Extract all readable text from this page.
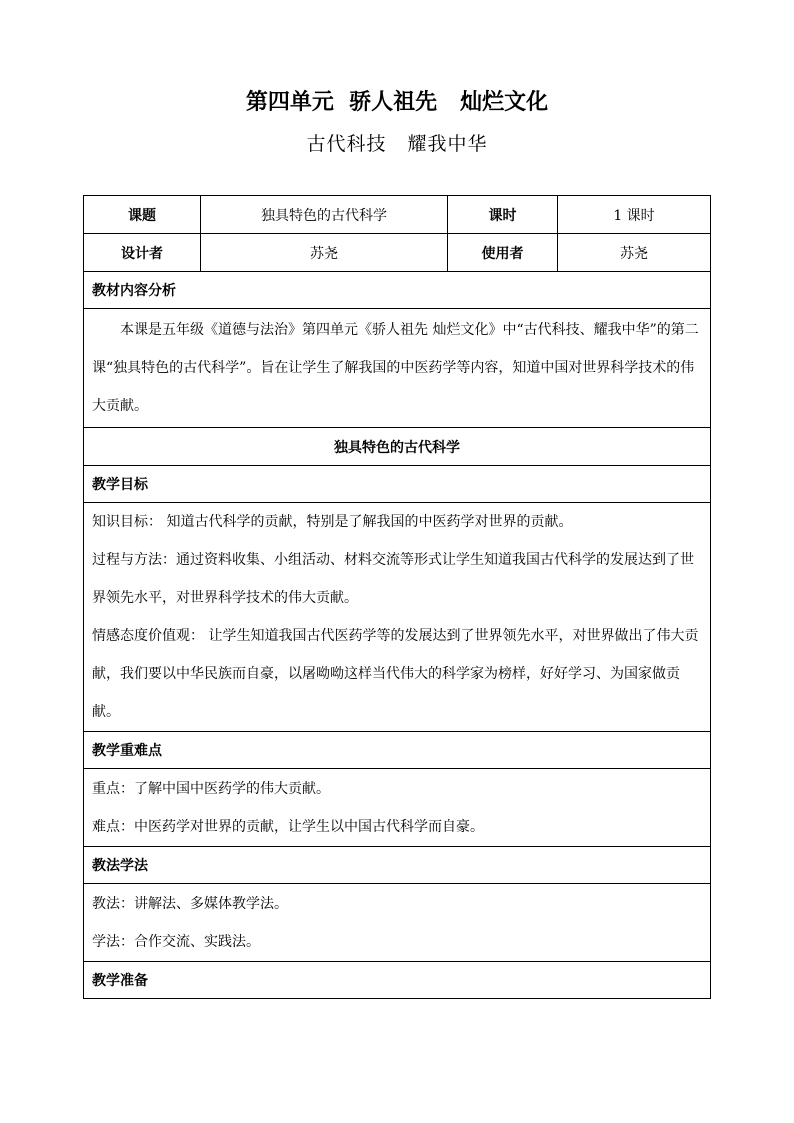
第四单元  骄人祖先   灿烂文化
古代科技   耀我中华
课题	独具特色的古代科学	课时	1 课时
设计者	苏尧	使用者	苏尧
教材内容分析			

本课是五年级《道德与法治》第四单元《骄人祖先 灿烂文化》中“古代科技、耀我中华”的第二课“独具特色的古代科学”。旨在让学生了解我国的中医药学等内容，知道中国对世界科学技术的伟大贡献。			

独具特色的古代科学			
教学目标			

知识目标： 知道古代科学的贡献，特别是了解我国的中医药学对世界的贡献。

过程与方法：通过资料收集、小组活动、材料交流等形式让学生知道我国古代科学的发展达到了世界领先水平，对世界科学技术的伟大贡献。

情感态度价值观： 让学生知道我国古代医药学等的发展达到了世界领先水平，对世界做出了伟大贡献，我们要以中华民族而自豪，以屠呦呦这样当代伟大的科学家为榜样，好好学习、为国家做贡献。			

教学重难点			

重点：了解中国中医药学的伟大贡献。

难点：中医药学对世界的贡献，让学生以中国古代科学而自豪。			

教法学法			

教法：讲解法、多媒体教学法。

学法：合作交流、实践法。			

教学准备			
